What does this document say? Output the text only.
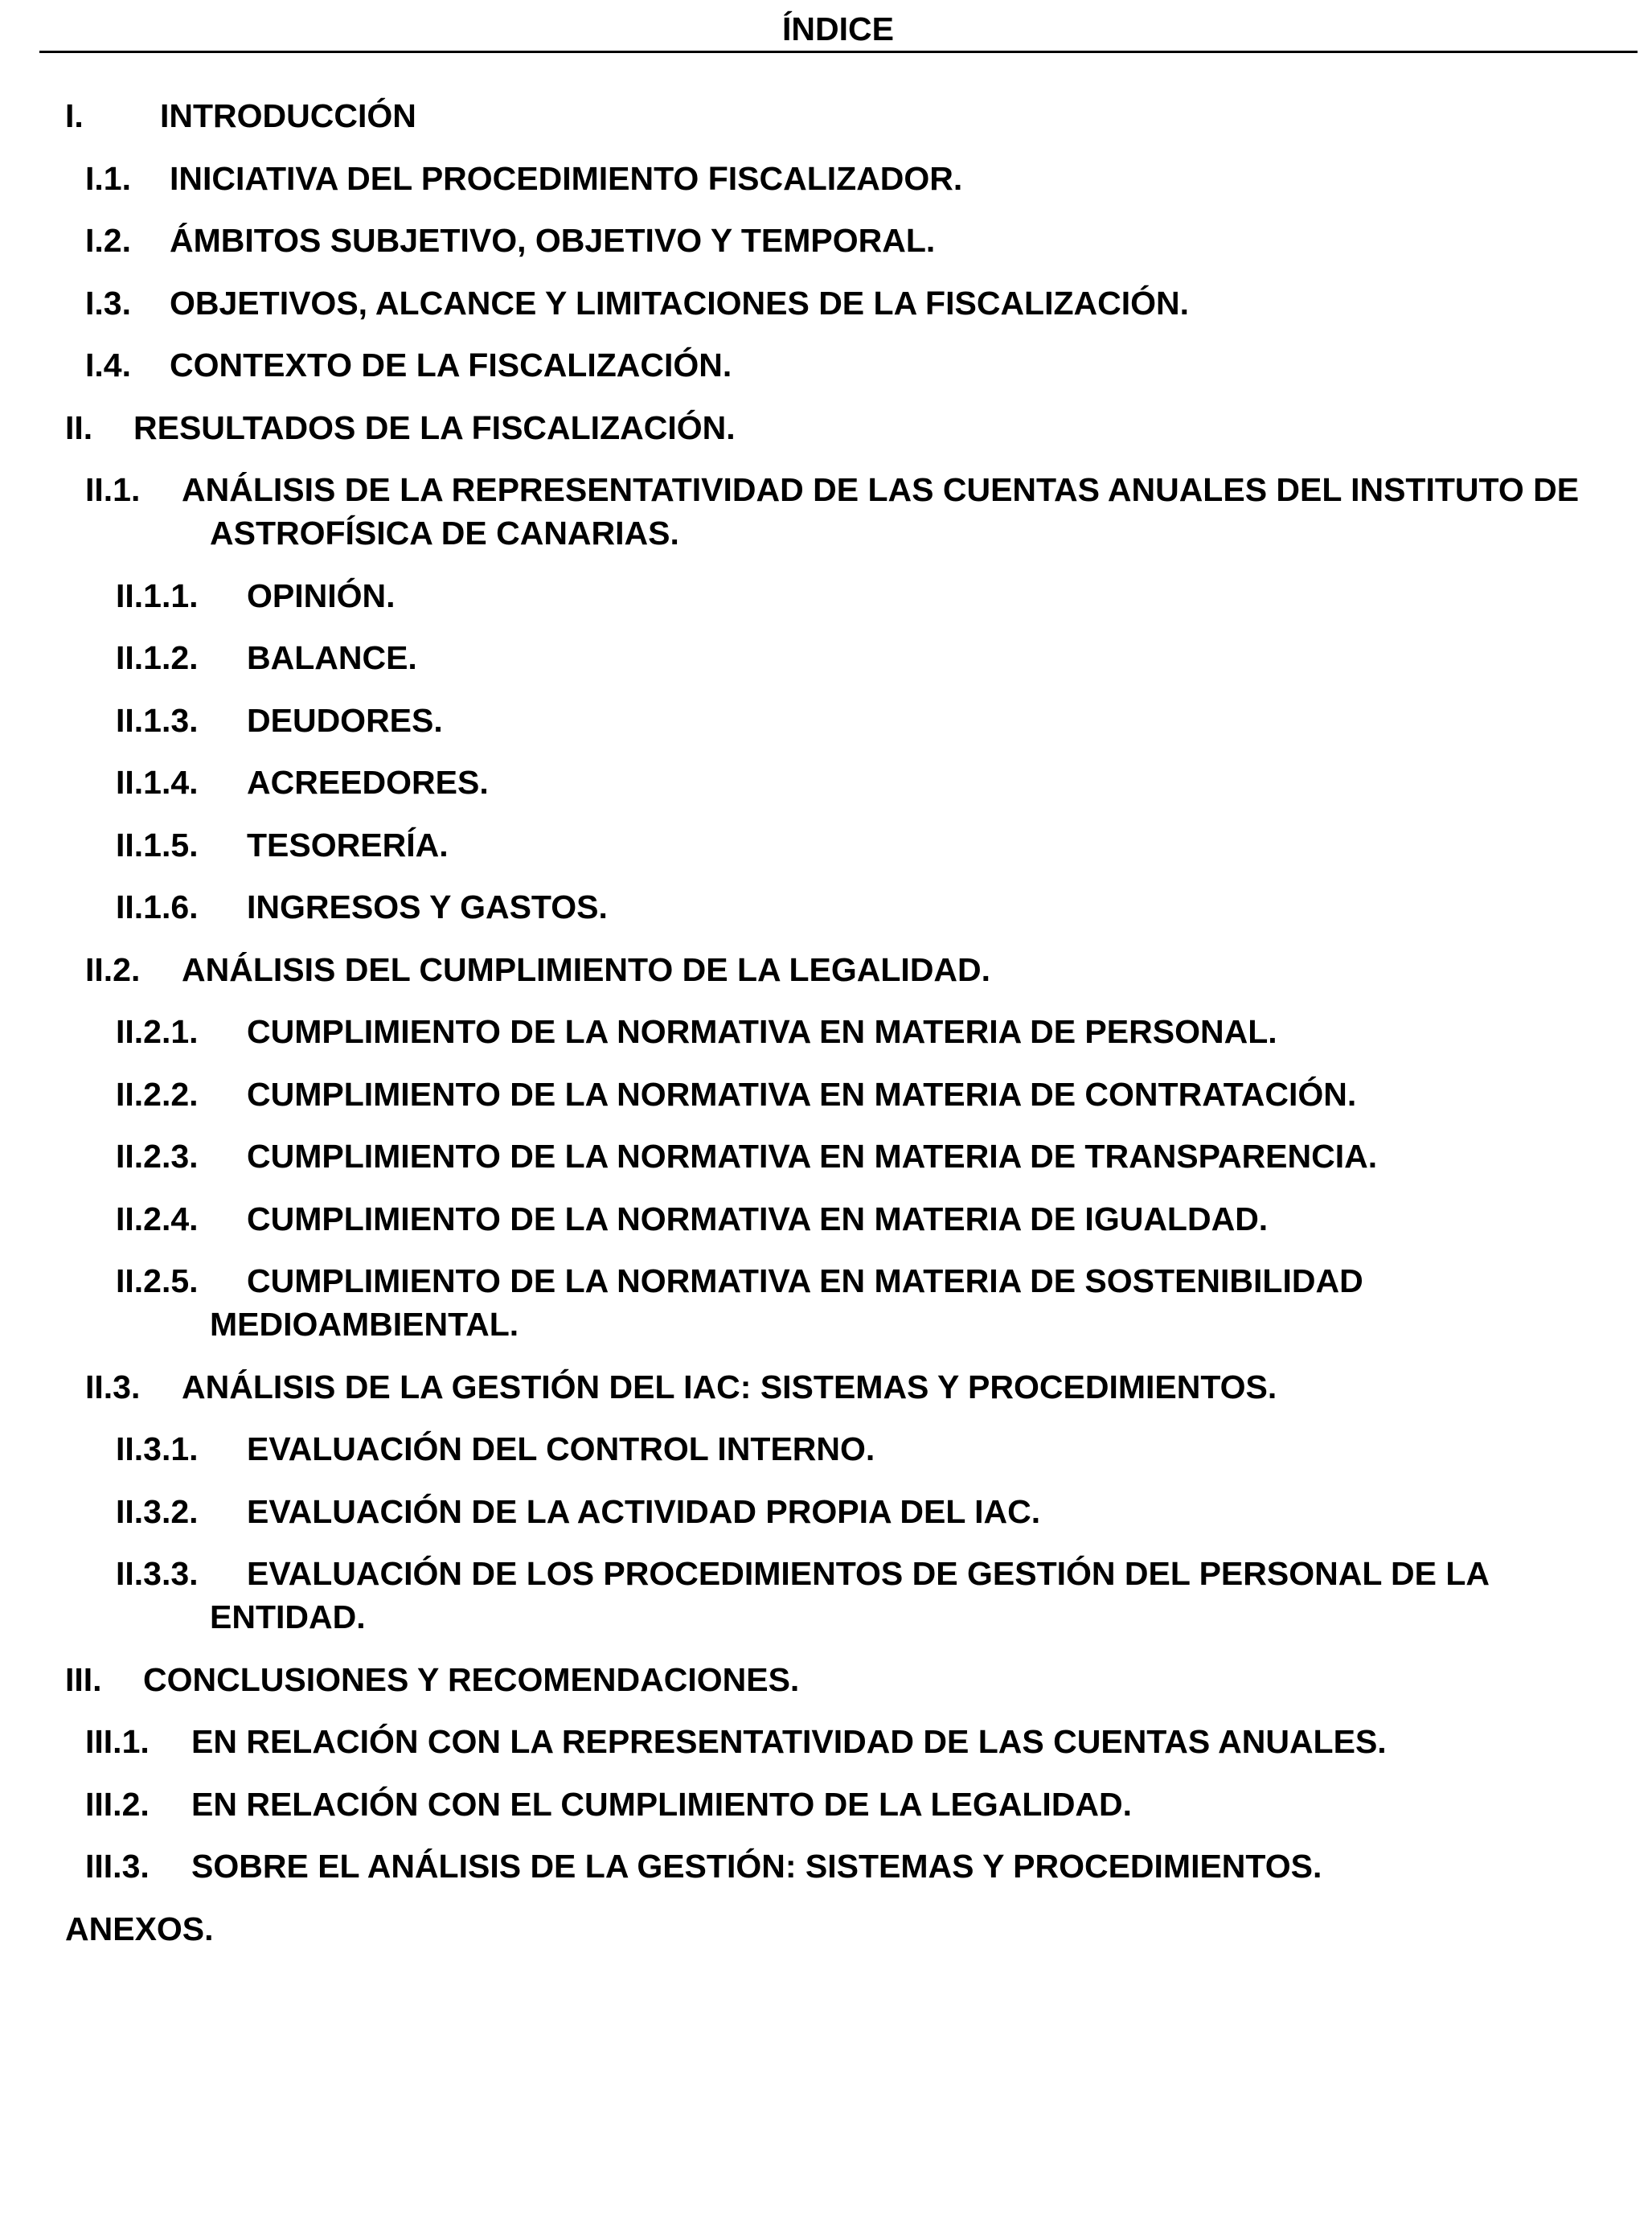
ÍNDICE
I. INTRODUCCIÓN
I.1. INICIATIVA DEL PROCEDIMIENTO FISCALIZADOR.
I.2. ÁMBITOS SUBJETIVO, OBJETIVO Y TEMPORAL.
I.3. OBJETIVOS, ALCANCE Y LIMITACIONES DE LA FISCALIZACIÓN.
I.4. CONTEXTO DE LA FISCALIZACIÓN.
II. RESULTADOS DE LA FISCALIZACIÓN.
II.1. ANÁLISIS DE LA REPRESENTATIVIDAD DE LAS CUENTAS ANUALES DEL INSTITUTO DE ASTROFÍSICA DE CANARIAS.
II.1.1. OPINIÓN.
II.1.2. BALANCE.
II.1.3. DEUDORES.
II.1.4. ACREEDORES.
II.1.5. TESORERÍA.
II.1.6. INGRESOS Y GASTOS.
II.2. ANÁLISIS DEL CUMPLIMIENTO DE LA LEGALIDAD.
II.2.1. CUMPLIMIENTO DE LA NORMATIVA EN MATERIA DE PERSONAL.
II.2.2. CUMPLIMIENTO DE LA NORMATIVA EN MATERIA DE CONTRATACIÓN.
II.2.3. CUMPLIMIENTO DE LA NORMATIVA EN MATERIA DE TRANSPARENCIA.
II.2.4. CUMPLIMIENTO DE LA NORMATIVA EN MATERIA DE IGUALDAD.
II.2.5. CUMPLIMIENTO DE LA NORMATIVA EN MATERIA DE SOSTENIBILIDAD MEDIOAMBIENTAL.
II.3. ANÁLISIS DE LA GESTIÓN DEL IAC: SISTEMAS Y PROCEDIMIENTOS.
II.3.1. EVALUACIÓN DEL CONTROL INTERNO.
II.3.2. EVALUACIÓN DE LA ACTIVIDAD PROPIA DEL IAC.
II.3.3. EVALUACIÓN DE LOS PROCEDIMIENTOS DE GESTIÓN DEL PERSONAL DE LA ENTIDAD.
III. CONCLUSIONES Y RECOMENDACIONES.
III.1. EN RELACIÓN CON LA REPRESENTATIVIDAD DE LAS CUENTAS ANUALES.
III.2. EN RELACIÓN CON EL CUMPLIMIENTO DE LA LEGALIDAD.
III.3. SOBRE EL ANÁLISIS DE LA GESTIÓN: SISTEMAS Y PROCEDIMIENTOS.
ANEXOS.
